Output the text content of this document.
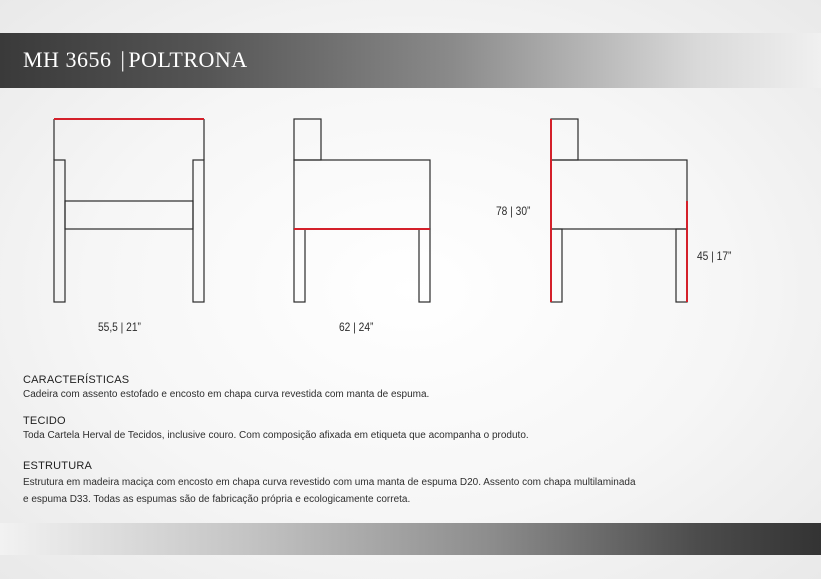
MH 3656 | POLTRONA
55,5 | 21”	62 | 24”
78 | 30”
45 | 17”
CARACTERÍSTICAS
Cadeira com assento estofado e encosto em chapa curva revestida com manta de espuma.
TECIDO
Toda Cartela Herval de Tecidos, inclusive couro. Com composição afixada em etiqueta que acompanha o produto.
ESTRUTURA
Estrutura em madeira maciça com encosto em chapa curva revestido com uma manta de espuma D20. Assento com chapa multilaminada
e espuma D33. Todas as espumas são de fabricação própria e ecologicamente correta.
